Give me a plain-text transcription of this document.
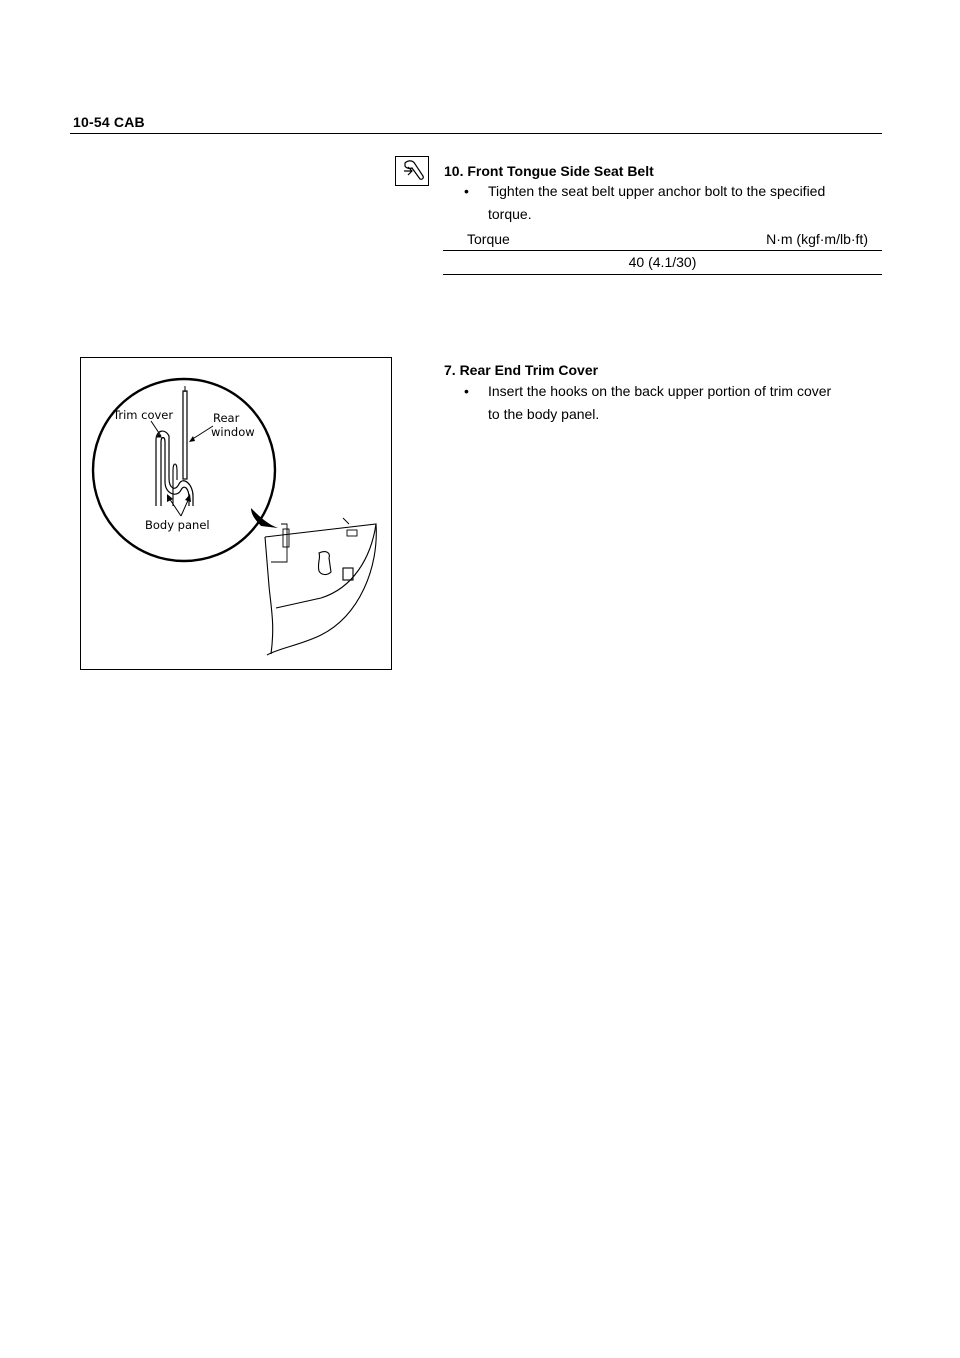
10-54 CAB
10. Front Tongue Side Seat Belt
•	Tighten the seat belt upper anchor bolt to the specified
torque.
Torque	N·m (kgf·m/lb·ft)
40 (4.1/30)
Trim cover	Rear
window
Body panel
7. Rear End Trim Cover
•	Insert the hooks on the back upper portion of trim cover
to the body panel.
